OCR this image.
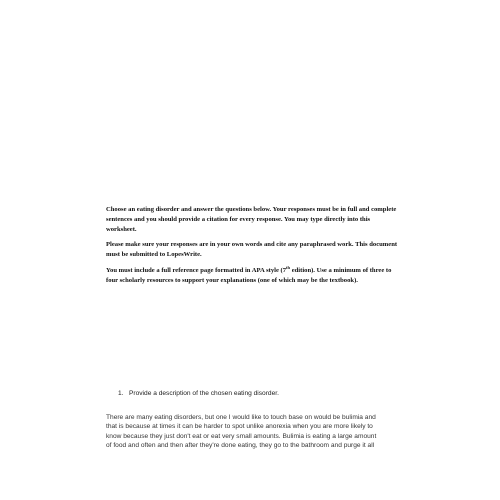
Choose an eating disorder and answer the questions below. Your responses must be in full and complete sentences and you should provide a citation for every response. You may type directly into this worksheet.

Please make sure your responses are in your own words and cite any paraphrased work. This document must be submitted to LopesWrite.

You must include a full reference page formatted in APA style (7th edition). Use a minimum of three to four scholarly resources to support your explanations (one of which may be the textbook).

1. Provide a description of the chosen eating disorder.
There are many eating disorders, but one I would like to touch base on would be bulimia and
that is because at times it can be harder to spot unlike anorexia when you are more likely to
know because they just don't eat or eat very small amounts. Bulimia is eating a large amount
of food and often and then after they're done eating, they go to the bathroom and purge it all
